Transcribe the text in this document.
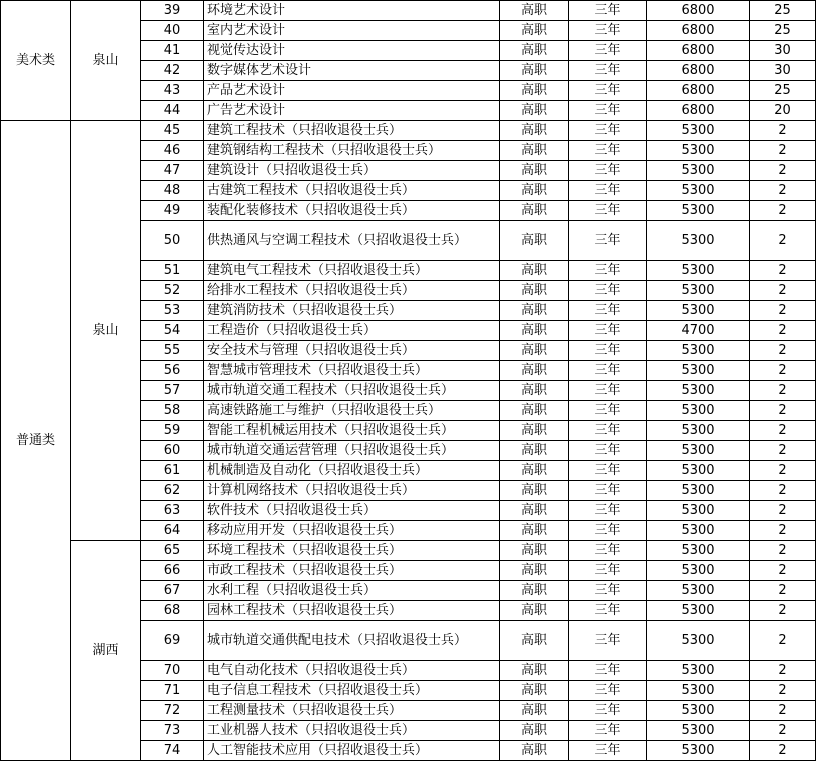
美术类	泉山	39	环境艺术设计	高职	三年	6800	25
		40	室内艺术设计	高职	三年	6800	25
		41	视觉传达设计	高职	三年	6800	30
		42	数字媒体艺术设计	高职	三年	6800	30
		43	产品艺术设计	高职	三年	6800	25
		44	广告艺术设计	高职	三年	6800	20
普通类	泉山	45	建筑工程技术（只招收退役士兵）	高职	三年	5300	2
		46	建筑钢结构工程技术（只招收退役士兵）	高职	三年	5300	2
		47	建筑设计（只招收退役士兵）	高职	三年	5300	2
		48	古建筑工程技术（只招收退役士兵）	高职	三年	5300	2
		49	装配化装修技术（只招收退役士兵）	高职	三年	5300	2
		50	供热通风与空调工程技术（只招收退役士兵）	高职	三年	5300	2
		51	建筑电气工程技术（只招收退役士兵）	高职	三年	5300	2
		52	给排水工程技术（只招收退役士兵）	高职	三年	5300	2
		53	建筑消防技术（只招收退役士兵）	高职	三年	5300	2
		54	工程造价（只招收退役士兵）	高职	三年	4700	2
		55	安全技术与管理（只招收退役士兵）	高职	三年	5300	2
		56	智慧城市管理技术（只招收退役士兵）	高职	三年	5300	2
		57	城市轨道交通工程技术（只招收退役士兵）	高职	三年	5300	2
		58	高速铁路施工与维护（只招收退役士兵）	高职	三年	5300	2
		59	智能工程机械运用技术（只招收退役士兵）	高职	三年	5300	2
		60	城市轨道交通运营管理（只招收退役士兵）	高职	三年	5300	2
		61	机械制造及自动化（只招收退役士兵）	高职	三年	5300	2
		62	计算机网络技术（只招收退役士兵）	高职	三年	5300	2
		63	软件技术（只招收退役士兵）	高职	三年	5300	2
		64	移动应用开发（只招收退役士兵）	高职	三年	5300	2
	湖西	65	环境工程技术（只招收退役士兵）	高职	三年	5300	2
		66	市政工程技术（只招收退役士兵）	高职	三年	5300	2
		67	水利工程（只招收退役士兵）	高职	三年	5300	2
		68	园林工程技术（只招收退役士兵）	高职	三年	5300	2
		69	城市轨道交通供配电技术（只招收退役士兵）	高职	三年	5300	2
		70	电气自动化技术（只招收退役士兵）	高职	三年	5300	2
		71	电子信息工程技术（只招收退役士兵）	高职	三年	5300	2
		72	工程测量技术（只招收退役士兵）	高职	三年	5300	2
		73	工业机器人技术（只招收退役士兵）	高职	三年	5300	2
		74	人工智能技术应用（只招收退役士兵）	高职	三年	5300	2
